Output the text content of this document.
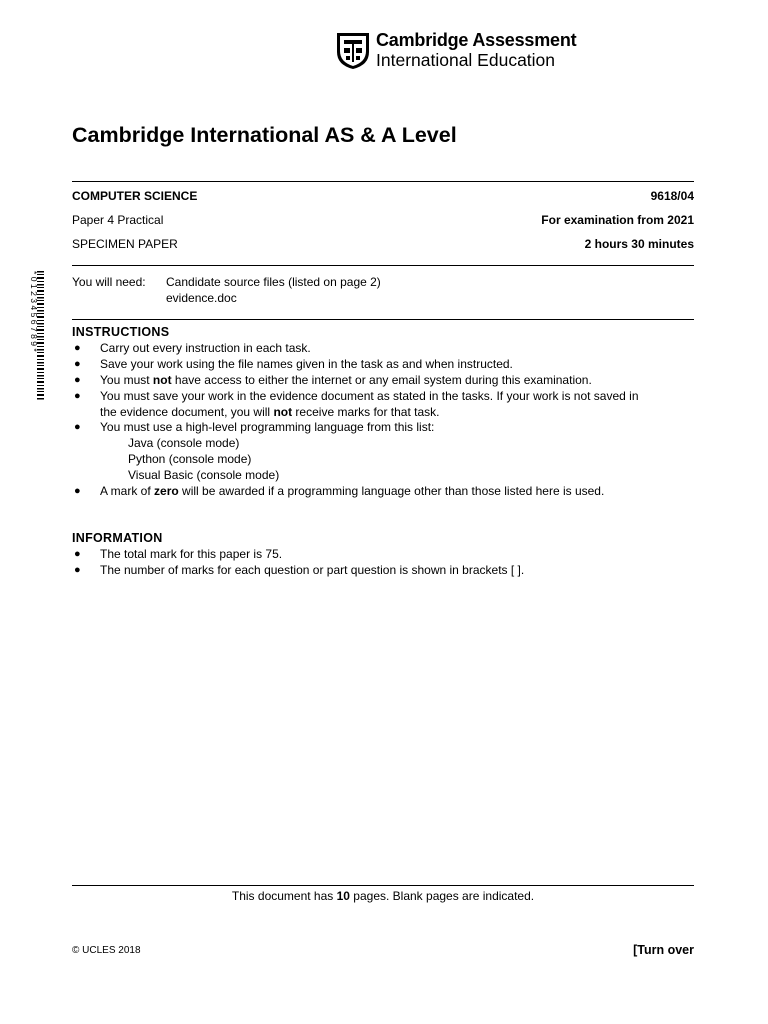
Cambridge Assessment
International Education
Cambridge International AS & A Level
COMPUTER SCIENCE	9618/04
Paper 4 Practical	For examination from 2021
SPECIMEN PAPER	2 hours 30 minutes
You will need: Candidate source files (listed on page 2)
evidence.doc
* 0 1 2 3 4 5 6 7 8 9 *	INSTRUCTIONS
● Carry out every instruction in each task.
● Save your work using the file names given in the task as and when instructed.
● You must not have access to either the internet or any email system during this examination.
● You must save your work in the evidence document as stated in the tasks. If your work is not saved in
the evidence document, you will not receive marks for that task.
● You must use a high-level programming language from this list:
Java (console mode)
Python (console mode)
Visual Basic (console mode)
● A mark of zero will be awarded if a programming language other than those listed here is used.
INFORMATION
● The total mark for this paper is 75.
● The number of marks for each question or part question is shown in brackets [ ].
This document has 10 pages. Blank pages are indicated.
© UCLES 2018	[Turn over
